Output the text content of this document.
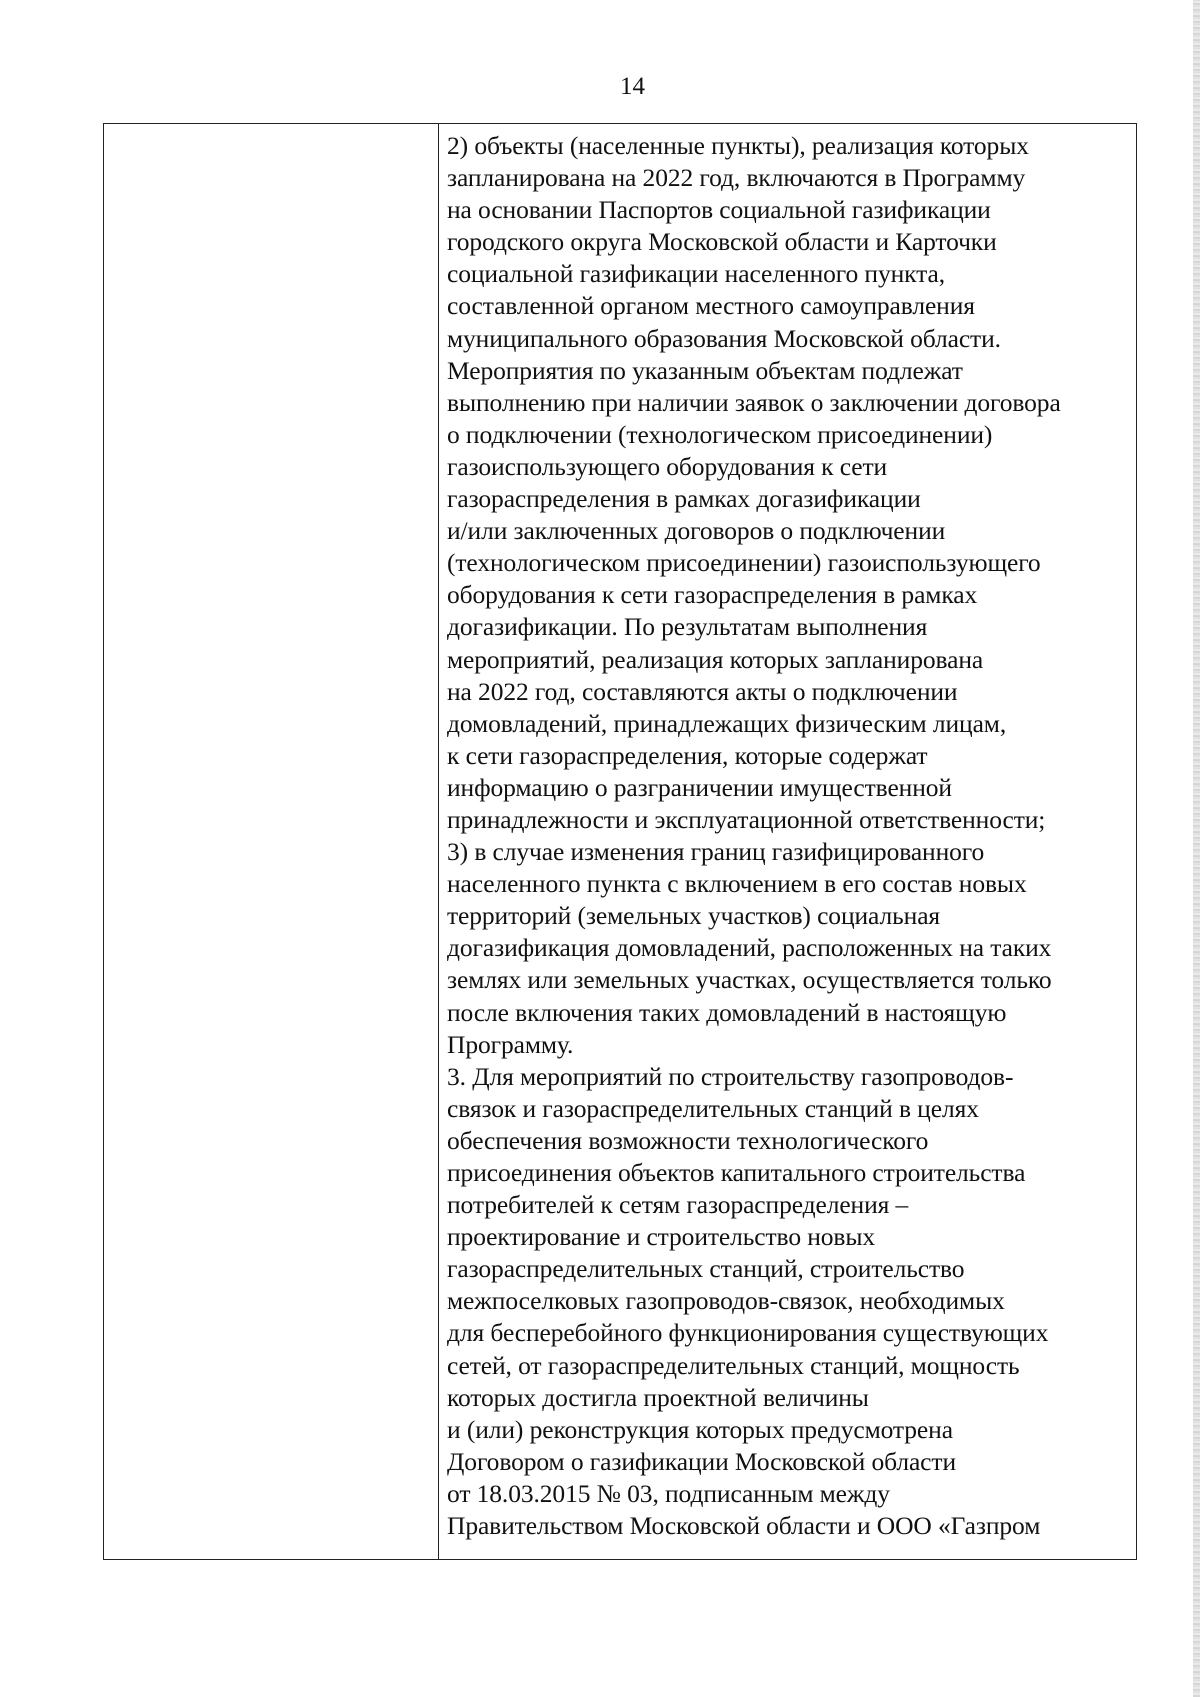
14
2) объекты (населенные пункты), реализация которых
запланирована на 2022 год, включаются в Программу
на основании Паспортов социальной газификации
городского округа Московской области и Карточки
социальной газификации населенного пункта,
составленной органом местного самоуправления
муниципального образования Московской области.
Мероприятия по указанным объектам подлежат
выполнению при наличии заявок о заключении договора
о подключении (технологическом присоединении)
газоиспользующего оборудования к сети
газораспределения в рамках догазификации
и/или заключенных договоров о подключении
(технологическом присоединении) газоиспользующего
оборудования к сети газораспределения в рамках
догазификации. По результатам выполнения
мероприятий, реализация которых запланирована
на 2022 год, составляются акты о подключении
домовладений, принадлежащих физическим лицам,
к сети газораспределения, которые содержат
информацию о разграничении имущественной
принадлежности и эксплуатационной ответственности;
3) в случае изменения границ газифицированного
населенного пункта с включением в его состав новых
территорий (земельных участков) социальная
догазификация домовладений, расположенных на таких
землях или земельных участках, осуществляется только
после включения таких домовладений в настоящую
Программу.
3. Для мероприятий по строительству газопроводов-
связок и газораспределительных станций в целях
обеспечения возможности технологического
присоединения объектов капитального строительства
потребителей к сетям газораспределения –
проектирование и строительство новых
газораспределительных станций, строительство
межпоселковых газопроводов-связок, необходимых
для бесперебойного функционирования существующих
сетей, от газораспределительных станций, мощность
которых достигла проектной величины
и (или) реконструкция которых предусмотрена
Договором о газификации Московской области
от 18.03.2015 № 03, подписанным между
Правительством Московской области и ООО «Газпром
